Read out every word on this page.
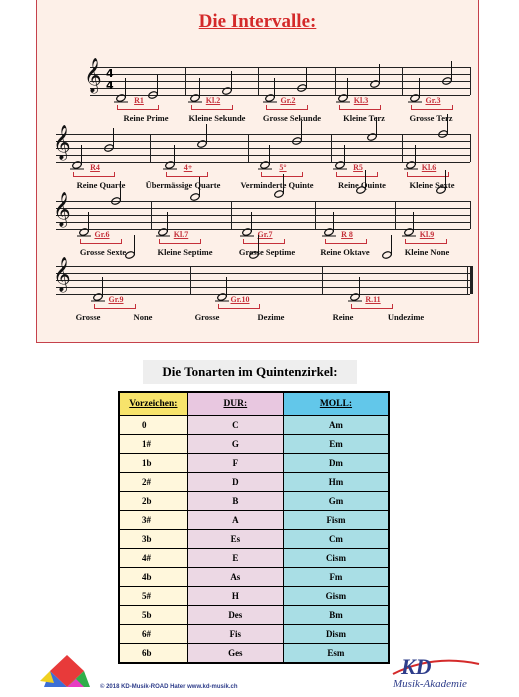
Die Intervalle:
𝄞 4
4
R1
Reine Prime
Kl.2
Kleine Sekunde
Gr.2
Grosse Sekunde
Kl.3
Kleine Terz
Gr.3
Grosse Terz
𝄞
R4
Reine Quarte
4+
Übermässige Quarte
5°
Verminderte Quinte
R5
Reine Quinte
Kl.6
Kleine Sexte
𝄞
Gr.6
Grosse Sexte
Kl.7
Kleine Septime
Gr.7
Grosse Septime
R 8
Reine Oktave
Kl.9
Kleine None
𝄞
Gr.9
Grosse	None
Gr.10
Grosse	Dezime
R.11
Reine	Undezime
Die Tonarten im Quintenzirkel:
Vorzeichen:	DUR:	MOLL:
0	C	Am
1#	G	Em
1b	F	Dm
2#	D	Hm
2b	B	Gm
3#	A	Fism
3b	Es	Cm
4#	E	Cism
4b	As	Fm
5#	H	Gism
5b	Des	Bm
6#	Fis	Dism
6b	Ges	Esm
© 2018 KD-Musik-ROAD Hater www.kd-musik.ch
KD
Musik-Akademie
